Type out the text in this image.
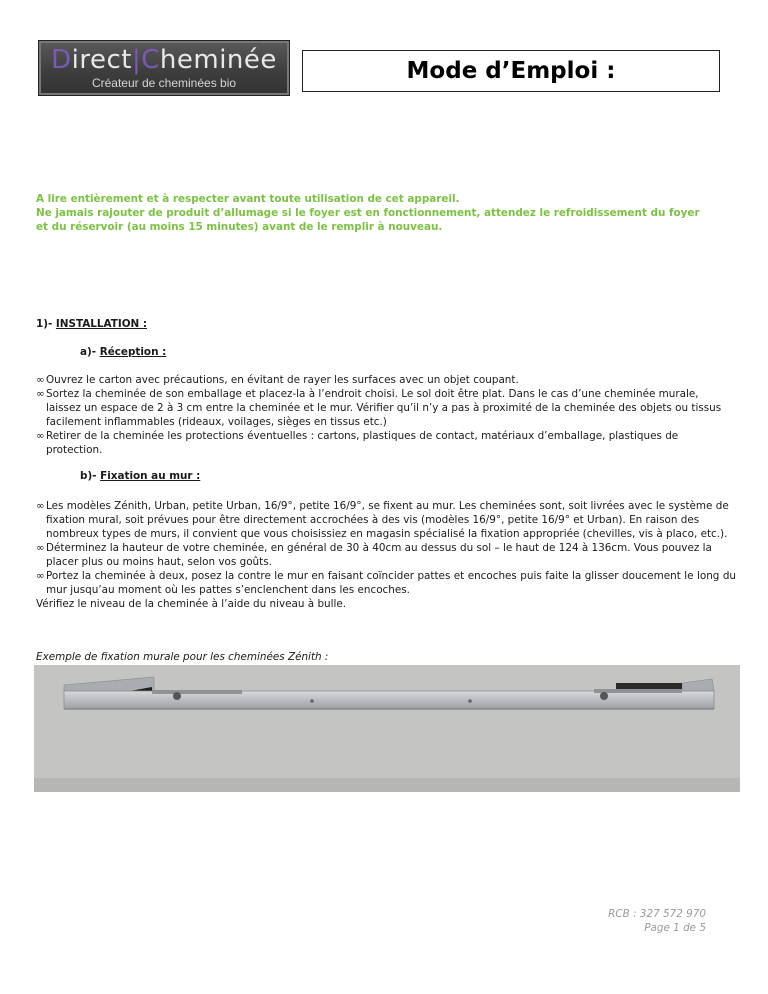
Direct|Cheminée
Créateur de cheminées bio	Mode d’Emploi :
A lire entièrement et à respecter avant toute utilisation de cet appareil.
Ne jamais rajouter de produit d’allumage si le foyer est en fonctionnement, attendez le refroidissement du foyer
et du réservoir (au moins 15 minutes) avant de le remplir à nouveau.
1)- INSTALLATION :
a)- Réception :
∞ Ouvrez le carton avec précautions, en évitant de rayer les surfaces avec un objet coupant.
∞ Sortez la cheminée de son emballage et placez-la à l’endroit choisi. Le sol doit être plat. Dans le cas d’une cheminée murale, laissez un espace de 2 à 3 cm entre la cheminée et le mur. Vérifier qu’il n’y a pas à proximité de la cheminée des objets ou tissus facilement inflammables (rideaux, voilages, sièges en tissus etc.)
∞ Retirer de la cheminée les protections éventuelles : cartons, plastiques de contact, matériaux d’emballage, plastiques de protection.
b)- Fixation au mur :
∞ Les modèles Zénith, Urban, petite Urban, 16/9°, petite 16/9°, se fixent au mur. Les cheminées sont, soit livrées avec le système de fixation mural, soit prévues pour être directement accrochées à des vis (modèles 16/9°, petite 16/9° et Urban). En raison des nombreux types de murs, il convient que vous choisissiez en magasin spécialisé la fixation appropriée (chevilles, vis à placo, etc.).
∞ Déterminez la hauteur de votre cheminée, en général de 30 à 40cm au dessus du sol – le haut de 124 à 136cm. Vous pouvez la placer plus ou moins haut, selon vos goûts.
∞ Portez la cheminée à deux, posez la contre le mur en faisant coïncider pattes et encoches puis faite la glisser doucement le long du mur jusqu’au moment où les pattes s’enclenchent dans les encoches.
Vérifiez le niveau de la cheminée à l’aide du niveau à bulle.
Exemple de fixation murale pour les cheminées Zénith :
RCB : 327 572 970
Page 1 de 5
